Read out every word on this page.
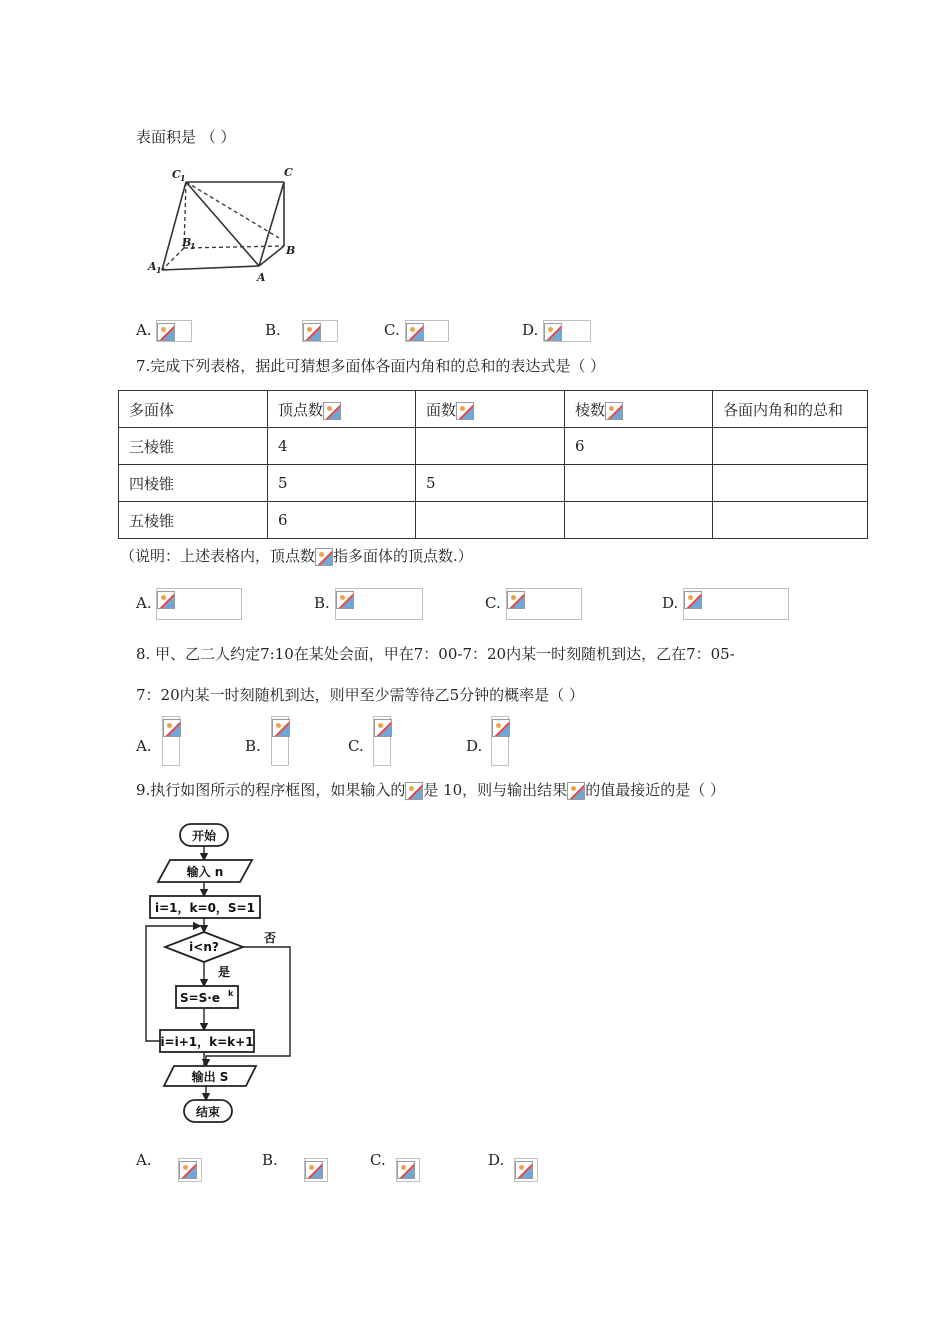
表面积是 （ ）
C 1	C
B
1	B
A 1
A
A.	B.	C.	D.
7.完成下列表格，据此可猜想多面体各面内角和的总和的表达式是（ ）
多面体	顶点数	面数	棱数	各面内角和的总和
三棱锥	4		6	
四棱锥	5	5		
五棱锥	6			
（说明：上述表格内，顶点数 指多面体的顶点数.）
A.	B.	C.	D.
8. 甲、乙二人约定7:10在某处会面，甲在7：00-7：20内某一时刻随机到达，乙在7：05-
7：20内某一时刻随机到达，则甲至少需等待乙5分钟的概率是（ ）
A.	B.	C.	D.
9.执行如图所示的程序框图，如果输入的 是 10，则与输出结果 的值最接近的是（ ）
开始
输入 n
i=1，k=0，S=1
i<n?
否
是
S=S·e k
i=i+1，k=k+1
输出 S
结束
A.	B.	C.	D.
